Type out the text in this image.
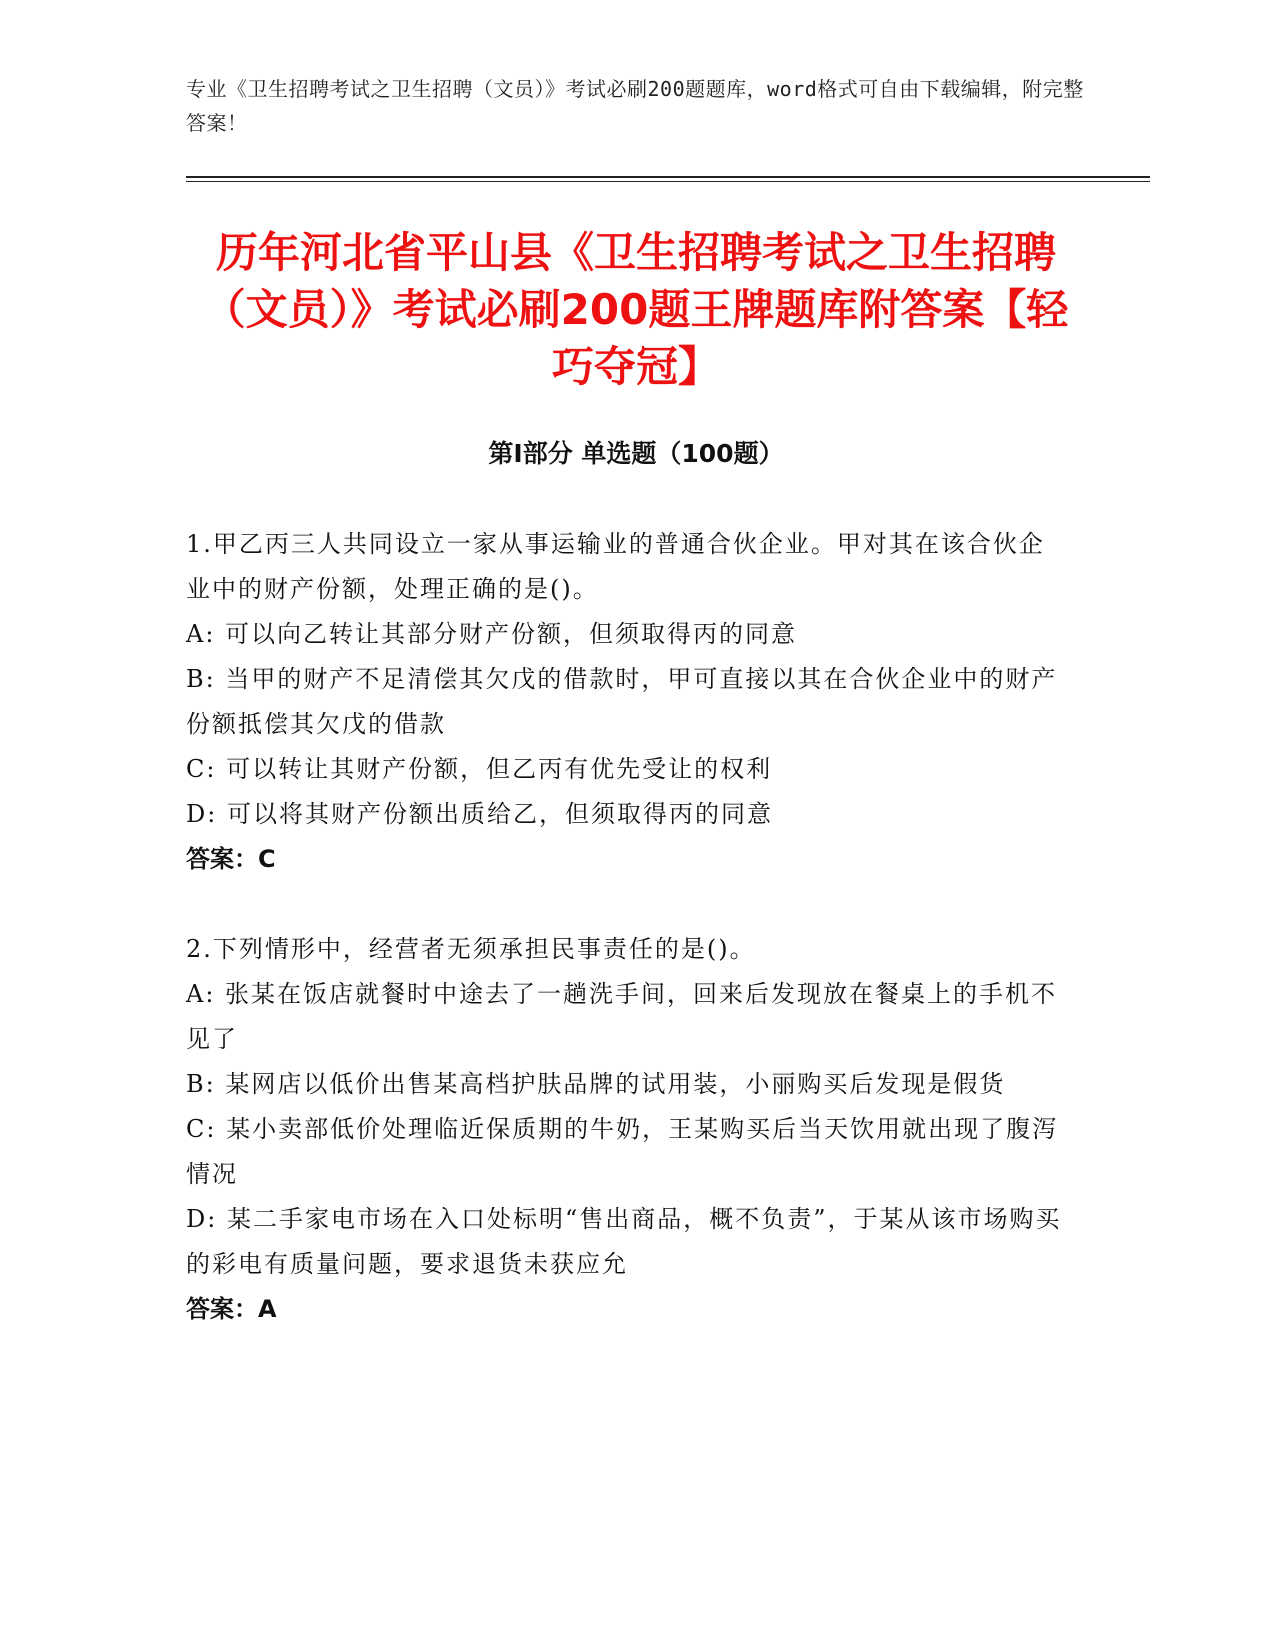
专业《卫生招聘考试之卫生招聘（文员）》考试必刷200题题库，word格式可自由下载编辑，附完整答案！
历年河北省平山县《卫生招聘考试之卫生招聘（文员）》考试必刷200题王牌题库附答案【轻巧夺冠】
第I部分 单选题（100题）
1.甲乙丙三人共同设立一家从事运输业的普通合伙企业。甲对其在该合伙企业中的财产份额，处理正确的是()。
A: 可以向乙转让其部分财产份额，但须取得丙的同意
B: 当甲的财产不足清偿其欠戊的借款时，甲可直接以其在合伙企业中的财产份额抵偿其欠戊的借款
C: 可以转让其财产份额，但乙丙有优先受让的权利
D: 可以将其财产份额出质给乙，但须取得丙的同意
答案：C
2.下列情形中，经营者无须承担民事责任的是()。
A: 张某在饭店就餐时中途去了一趟洗手间，回来后发现放在餐桌上的手机不见了
B: 某网店以低价出售某高档护肤品牌的试用装，小丽购买后发现是假货
C: 某小卖部低价处理临近保质期的牛奶，王某购买后当天饮用就出现了腹泻情况
D: 某二手家电市场在入口处标明“售出商品，概不负责”，于某从该市场购买的彩电有质量问题，要求退货未获应允
答案：A
